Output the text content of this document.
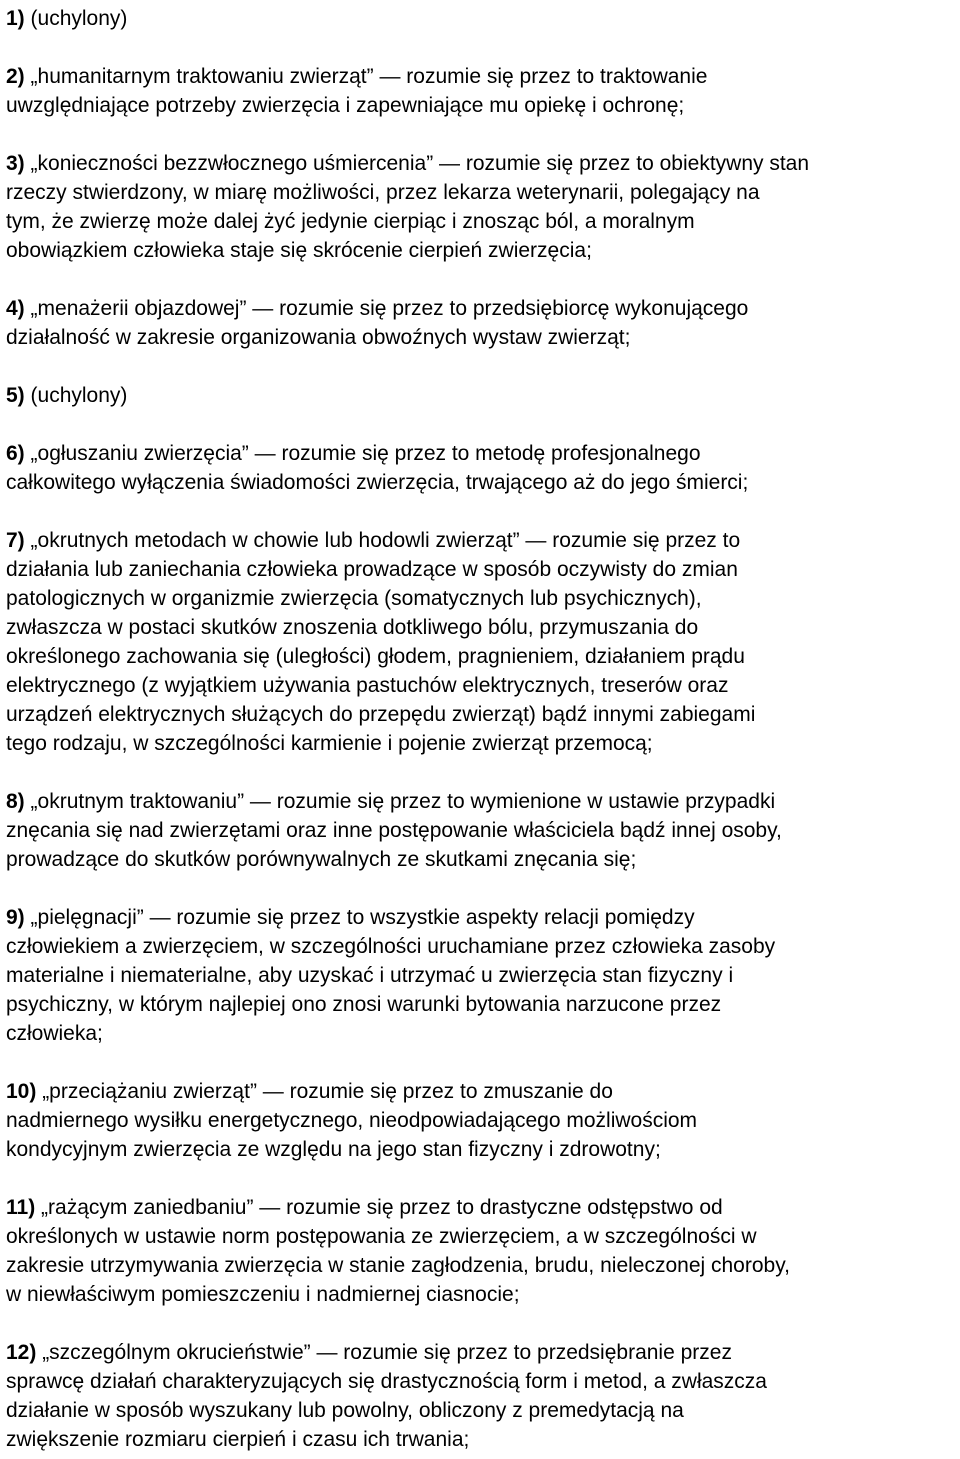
1) (uchylony)

2) „humanitarnym traktowaniu zwierząt” — rozumie się przez to traktowanie
uwzględniające potrzeby zwierzęcia i zapewniające mu opiekę i ochronę;

3) „konieczności bezzwłocznego uśmiercenia” — rozumie się przez to obiektywny stan
rzeczy stwierdzony, w miarę możliwości, przez lekarza weterynarii, polegający na
tym, że zwierzę może dalej żyć jedynie cierpiąc i znosząc ból, a moralnym
obowiązkiem człowieka staje się skrócenie cierpień zwierzęcia;

4) „menażerii objazdowej” — rozumie się przez to przedsiębiorcę wykonującego
działalność w zakresie organizowania obwoźnych wystaw zwierząt;

5) (uchylony)

6) „ogłuszaniu zwierzęcia” — rozumie się przez to metodę profesjonalnego
całkowitego wyłączenia świadomości zwierzęcia, trwającego aż do jego śmierci;

7) „okrutnych metodach w chowie lub hodowli zwierząt” — rozumie się przez to
działania lub zaniechania człowieka prowadzące w sposób oczywisty do zmian
patologicznych w organizmie zwierzęcia (somatycznych lub psychicznych),
zwłaszcza w postaci skutków znoszenia dotkliwego bólu, przymuszania do
określonego zachowania się (uległości) głodem, pragnieniem, działaniem prądu
elektrycznego (z wyjątkiem używania pastuchów elektrycznych, treserów oraz
urządzeń elektrycznych służących do przepędu zwierząt) bądź innymi zabiegami
tego rodzaju, w szczególności karmienie i pojenie zwierząt przemocą;

8) „okrutnym traktowaniu” — rozumie się przez to wymienione w ustawie przypadki
znęcania się nad zwierzętami oraz inne postępowanie właściciela bądź innej osoby,
prowadzące do skutków porównywalnych ze skutkami znęcania się;

9) „pielęgnacji” — rozumie się przez to wszystkie aspekty relacji pomiędzy
człowiekiem a zwierzęciem, w szczególności uruchamiane przez człowieka zasoby
materialne i niematerialne, aby uzyskać i utrzymać u zwierzęcia stan fizyczny i
psychiczny, w którym najlepiej ono znosi warunki bytowania narzucone przez
człowieka;

10) „przeciążaniu zwierząt” — rozumie się przez to zmuszanie do
nadmiernego wysiłku energetycznego, nieodpowiadającego możliwościom
kondycyjnym zwierzęcia ze względu na jego stan fizyczny i zdrowotny;

11) „rażącym zaniedbaniu” — rozumie się przez to drastyczne odstępstwo od
określonych w ustawie norm postępowania ze zwierzęciem, a w szczególności w
zakresie utrzymywania zwierzęcia w stanie zagłodzenia, brudu, nieleczonej choroby,
w niewłaściwym pomieszczeniu i nadmiernej ciasnocie;

12) „szczególnym okrucieństwie” — rozumie się przez to przedsiębranie przez
sprawcę działań charakteryzujących się drastycznością form i metod, a zwłaszcza
działanie w sposób wyszukany lub powolny, obliczony z premedytacją na
zwiększenie rozmiaru cierpień i czasu ich trwania;
